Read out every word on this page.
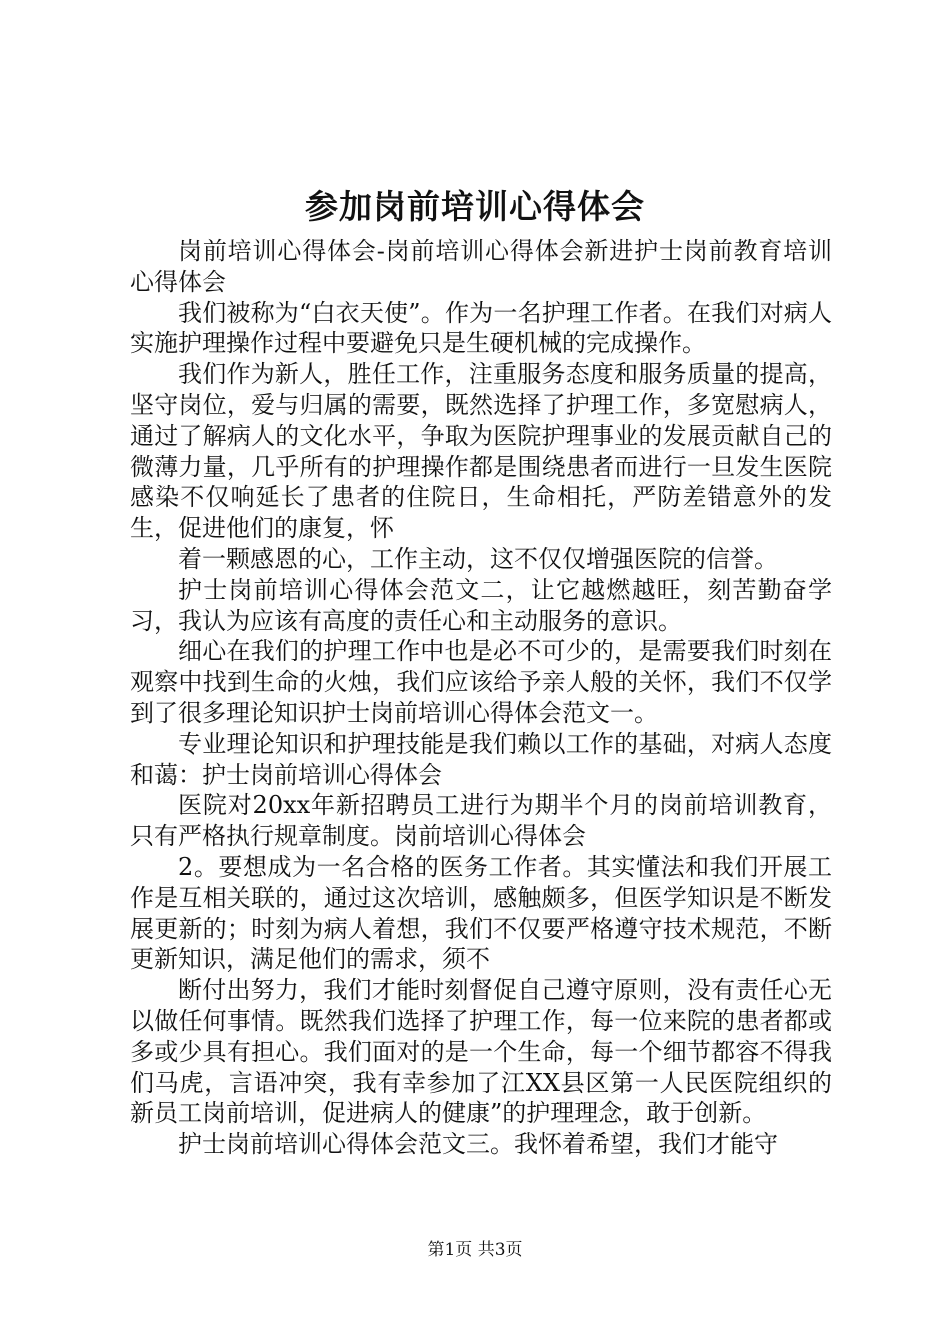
参加岗前培训心得体会

岗前培训心得体会-岗前培训心得体会新进护士岗前教育培训心得体会

我们被称为“白衣天使”。作为一名护理工作者。在我们对病人实施护理操作过程中要避免只是生硬机械的完成操作。

我们作为新人，胜任工作，注重服务态度和服务质量的提高，坚守岗位，爱与归属的需要，既然选择了护理工作，多宽慰病人，通过了解病人的文化水平，争取为医院护理事业的发展贡献自己的微薄力量，几乎所有的护理操作都是围绕患者而进行一旦发生医院感染不仅响延长了患者的住院日，生命相托，严防差错意外的发生，促进他们的康复，怀

着一颗感恩的心，工作主动，这不仅仅增强医院的信誉。

护士岗前培训心得体会范文二，让它越燃越旺，刻苦勤奋学习，我认为应该有高度的责任心和主动服务的意识。

细心在我们的护理工作中也是必不可少的，是需要我们时刻在观察中找到生命的火烛，我们应该给予亲人般的关怀，我们不仅学到了很多理论知识护士岗前培训心得体会范文一。

专业理论知识和护理技能是我们赖以工作的基础，对病人态度和蔼：护士岗前培训心得体会

医院对20xx年新招聘员工进行为期半个月的岗前培训教育，只有严格执行规章制度。岗前培训心得体会

2。要想成为一名合格的医务工作者。其实懂法和我们开展工作是互相关联的，通过这次培训，感触颇多，但医学知识是不断发展更新的；时刻为病人着想，我们不仅要严格遵守技术规范，不断更新知识，满足他们的需求，须不

断付出努力，我们才能时刻督促自己遵守原则，没有责任心无以做任何事情。既然我们选择了护理工作，每一位来院的患者都或多或少具有担心。我们面对的是一个生命，每一个细节都容不得我们马虎，言语冲突，我有幸参加了江XX县区第一人民医院组织的新员工岗前培训，促进病人的健康”的护理理念，敢于创新。

护士岗前培训心得体会范文三。我怀着希望，我们才能守

第1页 共3页
